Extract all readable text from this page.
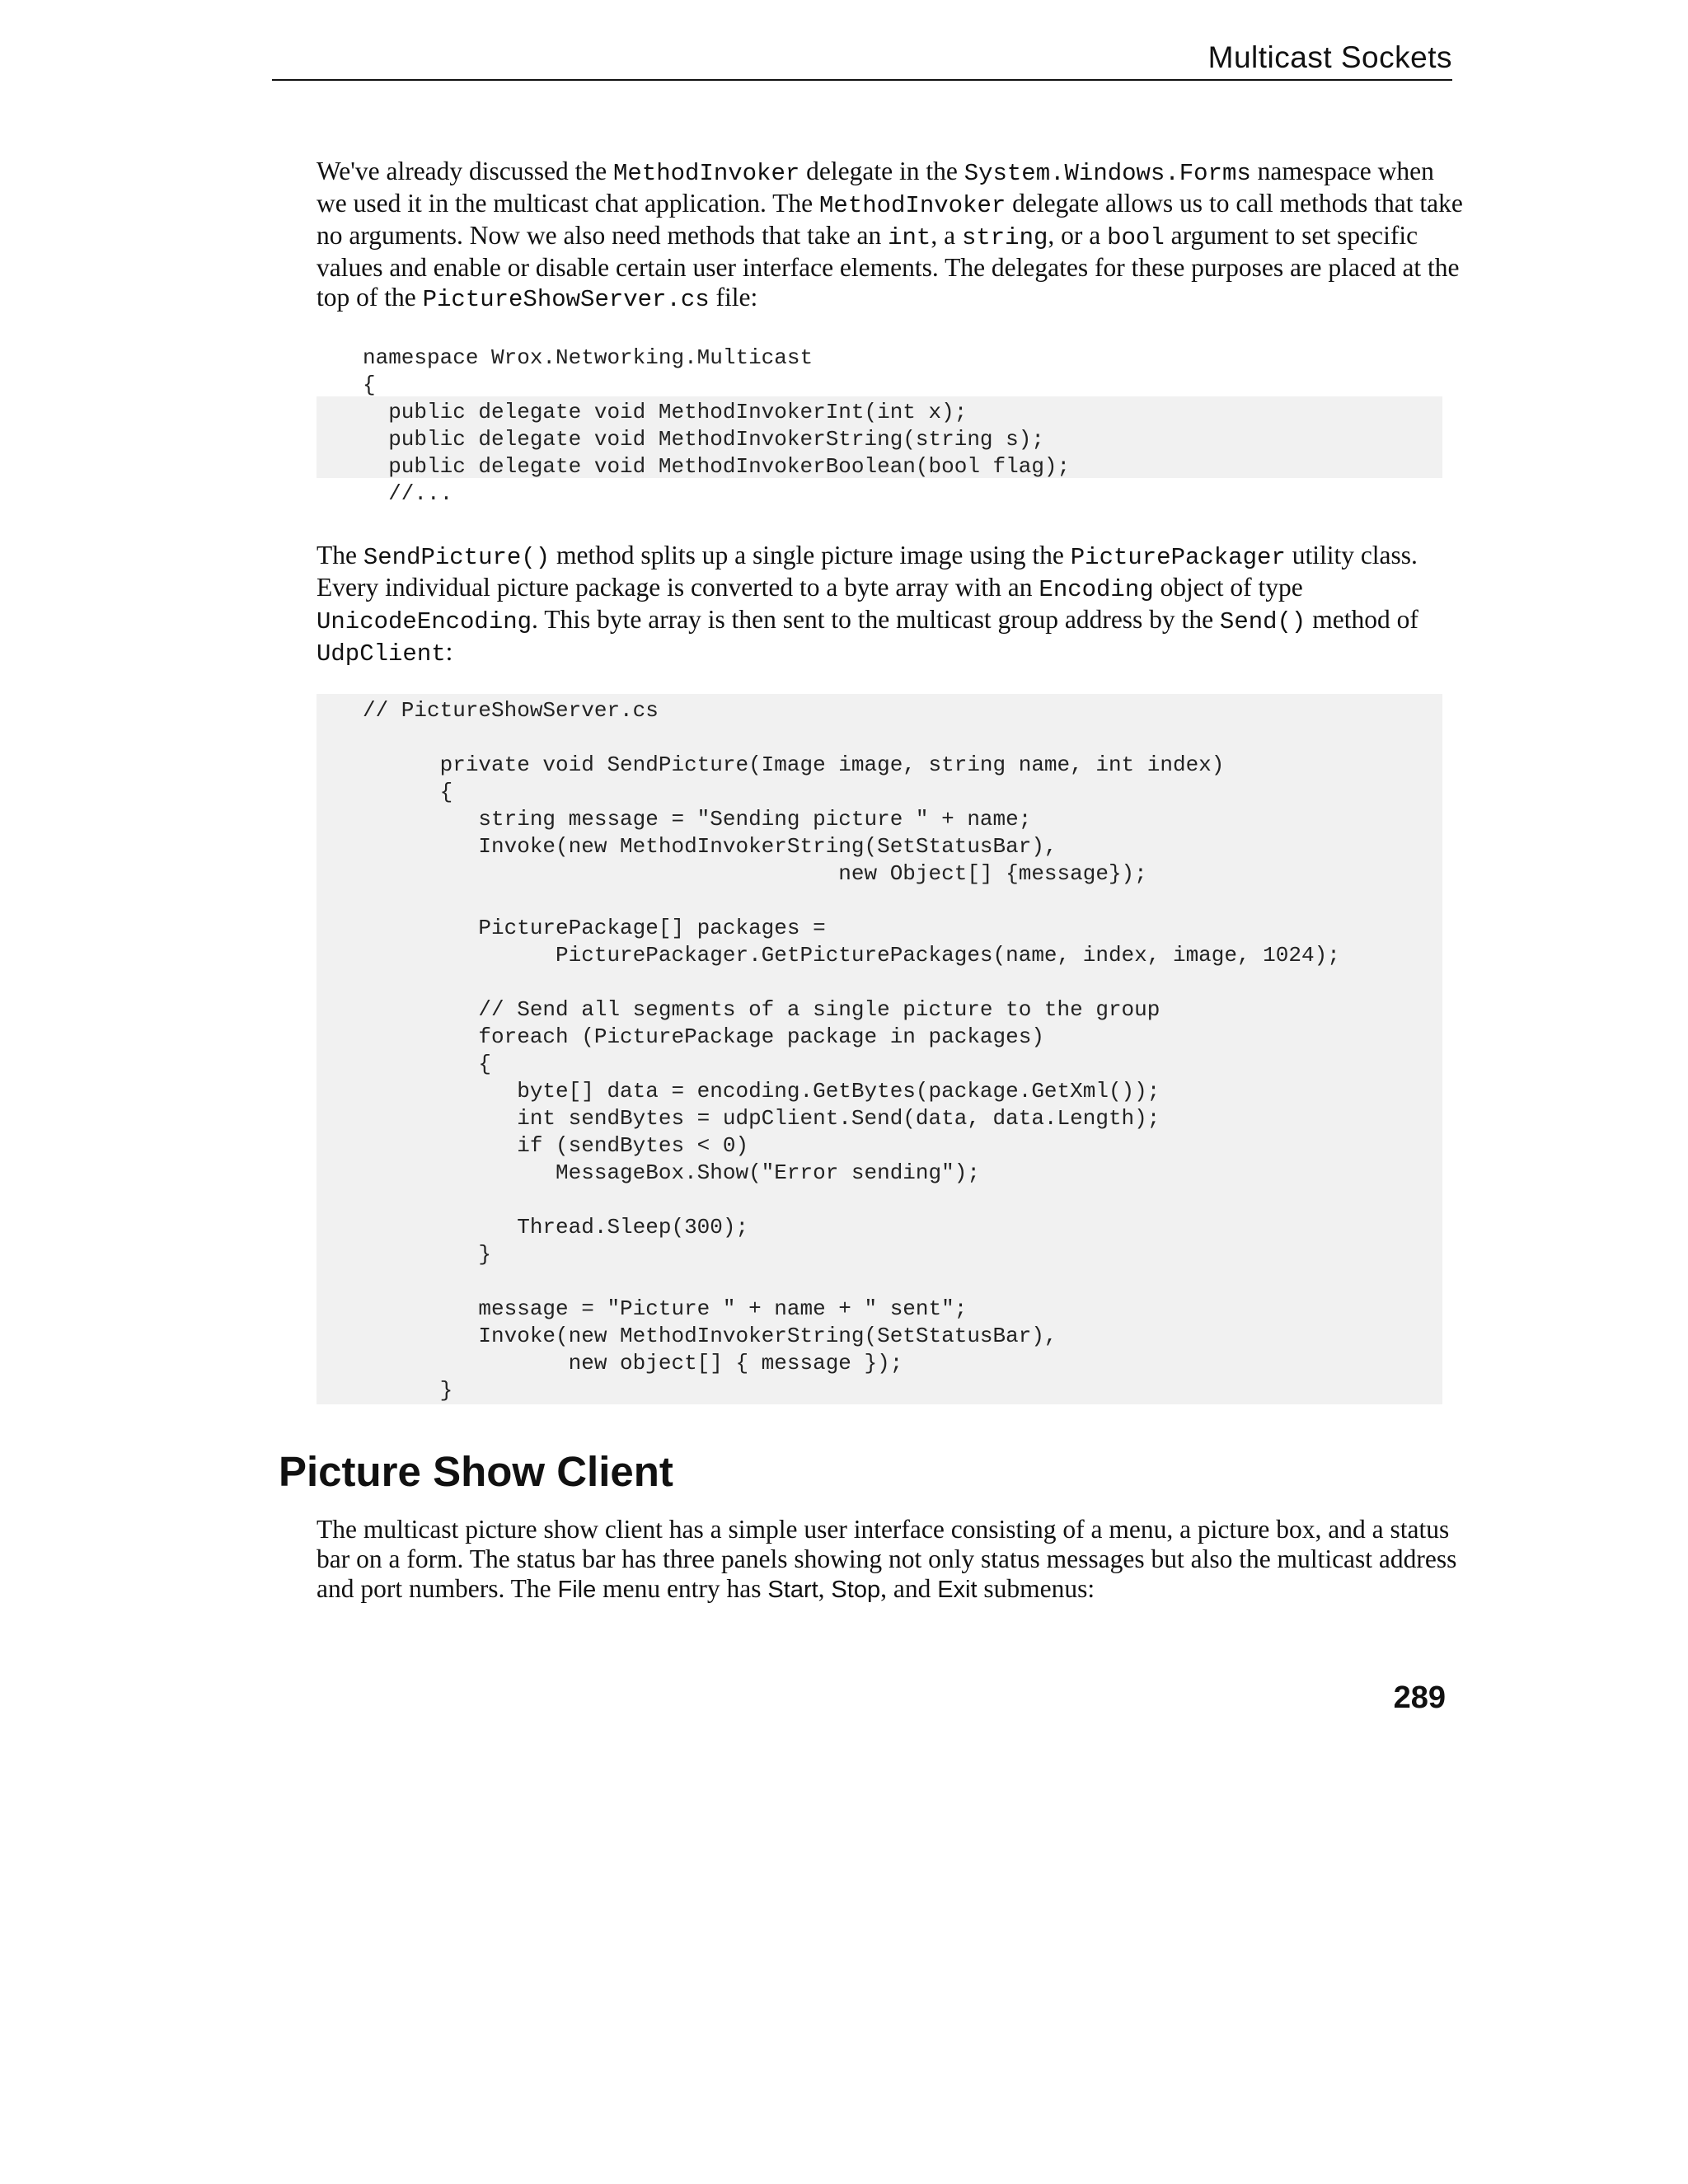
Multicast Sockets

We've already discussed the MethodInvoker delegate in the System.Windows.Forms namespace when we used it in the multicast chat application. The MethodInvoker delegate allows us to call methods that take no arguments. Now we also need methods that take an int, a string, or a bool argument to set specific values and enable or disable certain user interface elements. The delegates for these purposes are placed at the top of the PictureShowServer.cs file:

namespace Wrox.Networking.Multicast
{
public delegate void MethodInvokerInt(int x);
public delegate void MethodInvokerString(string s);
public delegate void MethodInvokerBoolean(bool flag);
//...

The SendPicture() method splits up a single picture image using the PicturePackager utility class. Every individual picture package is converted to a byte array with an Encoding object of type UnicodeEncoding. This byte array is then sent to the multicast group address by the Send() method of UdpClient:

// PictureShowServer.cs
private void SendPicture(Image image, string name, int index)
{
string message = "Sending picture " + name;
Invoke(new MethodInvokerString(SetStatusBar),
new Object[] {message});
PicturePackage[] packages =
PicturePackager.GetPicturePackages(name, index, image, 1024);
// Send all segments of a single picture to the group
foreach (PicturePackage package in packages)
{
byte[] data = encoding.GetBytes(package.GetXml());
int sendBytes = udpClient.Send(data, data.Length);
if (sendBytes < 0)
MessageBox.Show("Error sending");
Thread.Sleep(300);
}
message = "Picture " + name + " sent";
Invoke(new MethodInvokerString(SetStatusBar),
new object[] { message });
}
Picture Show Client

The multicast picture show client has a simple user interface consisting of a menu, a picture box, and a status bar on a form. The status bar has three panels showing not only status messages but also the multicast address and port numbers. The File menu entry has Start, Stop, and Exit submenus:

289
